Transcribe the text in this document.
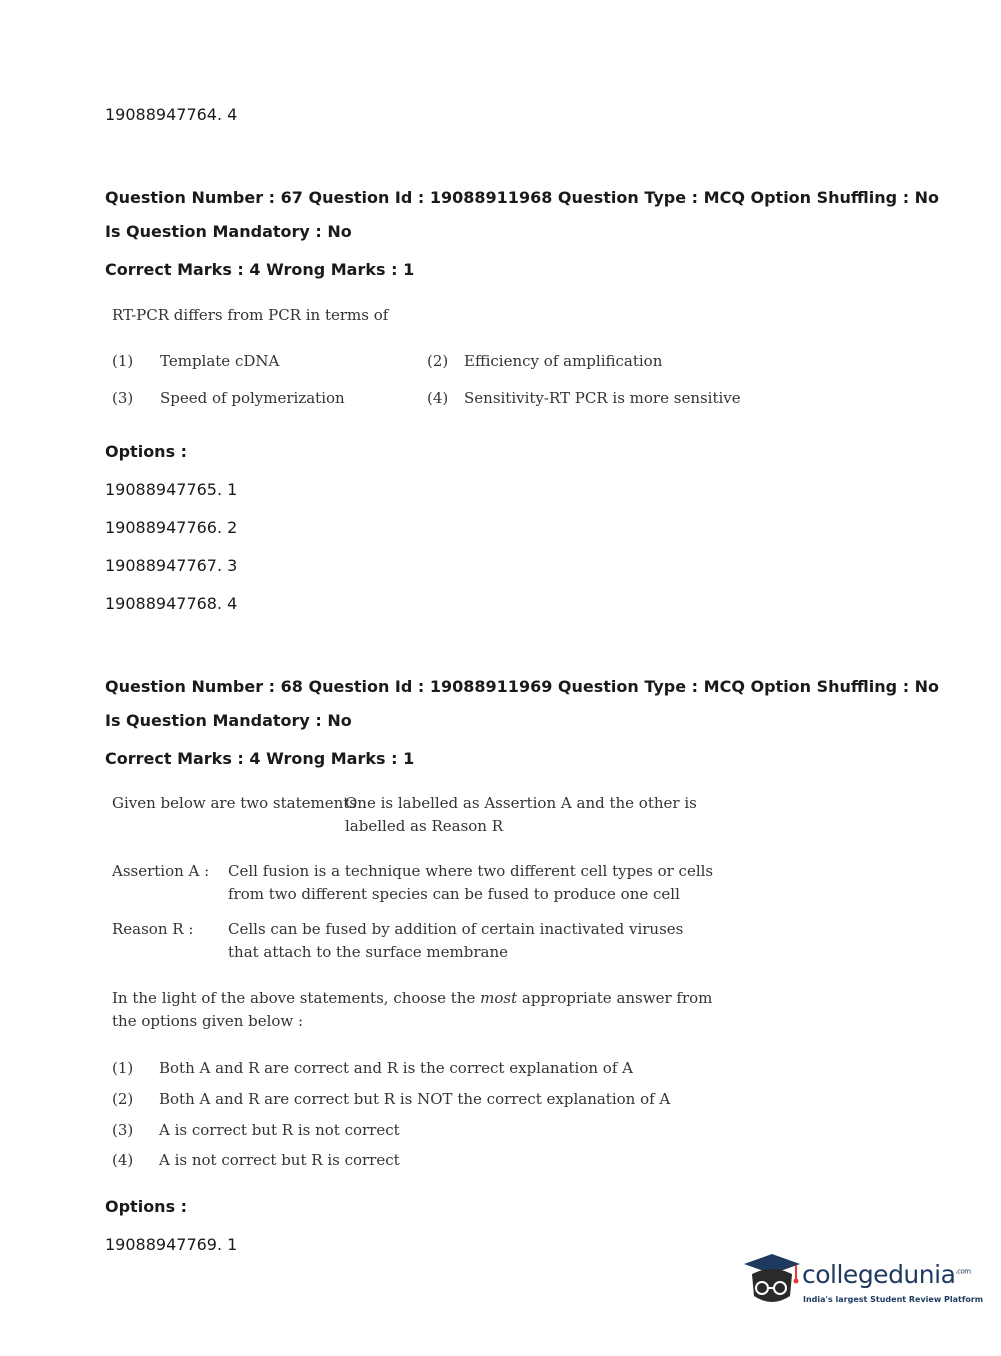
19088947764. 4
Question Number : 67 Question Id : 19088911968 Question Type : MCQ Option Shuffling : No
Is Question Mandatory : No
Correct Marks : 4 Wrong Marks : 1
RT-PCR differs from PCR in terms of
(1) Template cDNA	(2) Efficiency of amplification
(3) Speed of polymerization	(4) Sensitivity-RT PCR is more sensitive
Options :
19088947765. 1
19088947766. 2
19088947767. 3
19088947768. 4
Question Number : 68 Question Id : 19088911969 Question Type : MCQ Option Shuffling : No
Is Question Mandatory : No
Correct Marks : 4 Wrong Marks : 1
Given below are two statements :
One is labelled as Assertion A and the other is labelled as Reason R
Assertion A : Cell fusion is a technique where two different cell types or cells from two different species can be fused to produce one cell
Reason R : Cells can be fused by addition of certain inactivated viruses that attach to the surface membrane
In the light of the above statements, choose the most appropriate answer from the options given below :
(1) Both A and R are correct and R is the correct explanation of A
(2) Both A and R are correct but R is NOT the correct explanation of A
(3) A is correct but R is not correct
(4) A is not correct but R is correct
Options :
19088947769. 1
collegedunia$^{.com}$
India's largest Student Review Platform
